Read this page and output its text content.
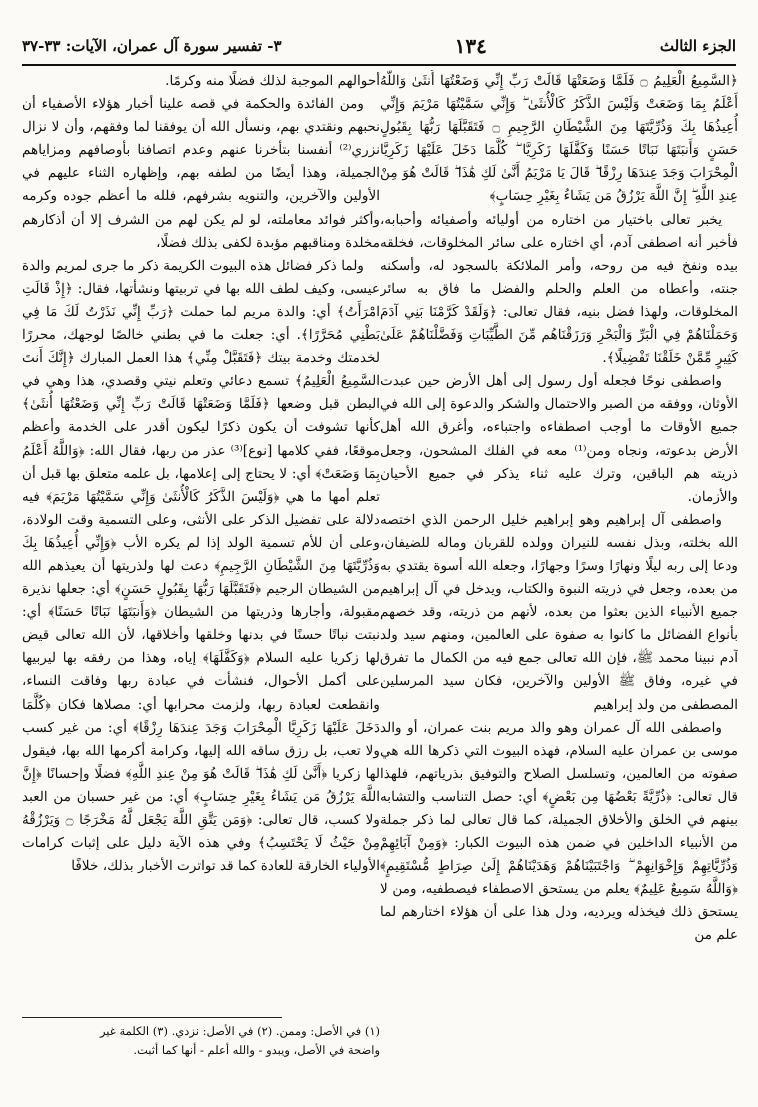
الجزء الثالث
١٣٤
٣- تفسير سورة آل عمران، الآيات: ٣٣-٣٧

﴿السَّمِيعُ الْعَلِيمُ ۝ فَلَمَّا وَضَعَتْهَا قَالَتْ رَبِّ إِنِّي وَضَعْتُهَا أُنثَىٰ وَاللَّهُ أَعْلَمُ بِمَا وَضَعَتْ وَلَيْسَ الذَّكَرُ كَالْأُنثَىٰ ۖ وَإِنِّي سَمَّيْتُهَا مَرْيَمَ وَإِنِّي أُعِيذُهَا بِكَ وَذُرِّيَّتَهَا مِنَ الشَّيْطَانِ الرَّجِيمِ ۝ فَتَقَبَّلَهَا رَبُّهَا بِقَبُولٍ حَسَنٍ وَأَنبَتَهَا نَبَاتًا حَسَنًا وَكَفَّلَهَا زَكَرِيَّا ۖ كُلَّمَا دَخَلَ عَلَيْهَا زَكَرِيَّا الْمِحْرَابَ وَجَدَ عِندَهَا رِزْقًا ۖ قَالَ يَا مَرْيَمُ أَنَّىٰ لَكِ هَٰذَا ۖ قَالَتْ هُوَ مِنْ عِندِ اللَّهِ ۖ إِنَّ اللَّهَ يَرْزُقُ مَن يَشَاءُ بِغَيْرِ حِسَابٍ﴾

يخبر تعالى باختيار من اختاره من أوليائه وأصفيائه وأحبابه، فأخبر أنه اصطفى آدم، أي اختاره على سائر المخلوقات، فخلقه بيده ونفخ فيه من روحه، وأمر الملائكة بالسجود له، وأسكنه جنته، وأعطاه من العلم والحلم والفضل ما فاق به سائر المخلوقات، ولهذا فضل بنيه، فقال تعالى: ﴿وَلَقَدْ كَرَّمْنَا بَنِي آدَمَ وَحَمَلْنَاهُمْ فِي الْبَرِّ وَالْبَحْرِ وَرَزَقْنَاهُم مِّنَ الطَّيِّبَاتِ وَفَضَّلْنَاهُمْ عَلَىٰ كَثِيرٍ مِّمَّنْ خَلَقْنَا تَفْضِيلًا﴾.

واصطفى نوحًا فجعله أول رسول إلى أهل الأرض حين عبدت الأوثان، ووفقه من الصبر والاحتمال والشكر والدعوة إلى الله في جميع الأوقات ما أوجب اصطفاءه واجتباءه، وأغرق الله أهل الأرض بدعوته، ونجاه ومن⁽¹⁾ معه في الفلك المشحون، وجعل ذريته هم الباقين، وترك عليه ثناء يذكر في جميع الأحيان والأزمان.

واصطفى آل إبراهيم وهو إبراهيم خليل الرحمن الذي اختصه الله بخلته، وبذل نفسه للنيران وولده للقربان وماله للضيفان، ودعا إلى ربه ليلًا ونهارًا وسرًا وجهارًا، وجعله الله أسوة يقتدي به من بعده، وجعل في ذريته النبوة والكتاب، ويدخل في آل إبراهيم جميع الأنبياء الذين بعثوا من بعده، لأنهم من ذريته، وقد خصهم بأنواع الفضائل ما كانوا به صفوة على العالمين، ومنهم سيد ولد آدم نبينا محمد ﷺ، فإن الله تعالى جمع فيه من الكمال ما تفرق في غيره، وفاق ﷺ الأولين والآخرين، فكان سيد المرسلين المصطفى من ولد إبراهيم

واصطفى الله آل عمران وهو والد مريم بنت عمران، أو والد موسى بن عمران عليه السلام، فهذه البيوت التي ذكرها الله هي صفوته من العالمين، وتسلسل الصلاح والتوفيق بذرياتهم، فلهذا قال تعالى: ﴿ذُرِّيَّةً بَعْضُهَا مِن بَعْضٍ﴾ أي: حصل التناسب والتشابه بينهم في الخلق والأخلاق الجميلة، كما قال تعالى لما ذكر جملة من الأنبياء الداخلين في ضمن هذه البيوت الكبار: ﴿وَمِنْ آبَائِهِمْ وَذُرِّيَّاتِهِمْ وَإِخْوَانِهِمْ ۖ وَاجْتَبَيْنَاهُمْ وَهَدَيْنَاهُمْ إِلَىٰ صِرَاطٍ مُّسْتَقِيمٍ﴾ ﴿وَاللَّهُ سَمِيعٌ عَلِيمٌ﴾ يعلم من يستحق الاصطفاء فيصطفيه، ومن لا يستحق ذلك فيخذله ويرديه، ودل هذا على أن هؤلاء اختارهم لما علم من

أحوالهم الموجبة لذلك فضلًا منه وكرمًا.

ومن الفائدة والحكمة في قصه علينا أخبار هؤلاء الأصفياء أن نحبهم ونقتدي بهم، ونسأل الله أن يوفقنا لما وفقهم، وأن لا نزال نزري⁽²⁾ أنفسنا بتأخرنا عنهم وعدم اتصافنا بأوصافهم ومزاياهم الجميلة، وهذا أيضًا من لطفه بهم، وإظهاره الثناء عليهم في الأولين والآخرين، والتنويه بشرفهم، فلله ما أعظم جوده وكرمه وأكثر فوائد معاملته، لو لم يكن لهم من الشرف إلا أن أذكارهم مخلدة ومناقبهم مؤبدة لكفى بذلك فضلًا،

ولما ذكر فضائل هذه البيوت الكريمة ذكر ما جرى لمريم والدة عيسى، وكيف لطف الله بها في تربيتها ونشأتها، فقال: ﴿إِذْ قَالَتِ امْرَأَتُ﴾ أي: والدة مريم لما حملت ﴿رَبِّ إِنِّي نَذَرْتُ لَكَ مَا فِي بَطْنِي مُحَرَّرًا﴾. أي: جعلت ما في بطني خالصًا لوجهك، محررًا لخدمتك وخدمة بيتك ﴿فَتَقَبَّلْ مِنِّي﴾ هذا العمل المبارك ﴿إِنَّكَ أَنتَ السَّمِيعُ الْعَلِيمُ﴾ تسمع دعائي وتعلم نيتي وقصدي، هذا وهي في البطن قبل وضعها ﴿فَلَمَّا وَضَعَتْهَا قَالَتْ رَبِّ إِنِّي وَضَعْتُهَا أُنثَىٰ﴾ كأنها تشوفت أن يكون ذكرًا ليكون أقدر على الخدمة وأعظم موقعًا، ففي كلامها [نوع]⁽³⁾ عذر من ربها، فقال الله: ﴿وَاللَّهُ أَعْلَمُ بِمَا وَضَعَتْ﴾ أي: لا يحتاج إلى إعلامها، بل علمه متعلق بها قبل أن تعلم أمها ما هي ﴿وَلَيْسَ الذَّكَرُ كَالْأُنثَىٰ وَإِنِّي سَمَّيْتُهَا مَرْيَمَ﴾ فيه دلالة على تفضيل الذكر على الأنثى، وعلى التسمية وقت الولادة، وعلى أن للأم تسمية الولد إذا لم يكره الأب ﴿وَإِنِّي أُعِيذُهَا بِكَ وَذُرِّيَّتَهَا مِنَ الشَّيْطَانِ الرَّجِيمِ﴾ دعت لها ولذريتها أن يعيذهم الله من الشيطان الرجيم ﴿فَتَقَبَّلَهَا رَبُّهَا بِقَبُولٍ حَسَنٍ﴾ أي: جعلها نذيرة مقبولة، وأجارها وذريتها من الشيطان ﴿وَأَنبَتَهَا نَبَاتًا حَسَنًا﴾ أي: نبتت نباتًا حسنًا في بدنها وخلقها وأخلاقها، لأن الله تعالى قيض لها زكريا عليه السلام ﴿وَكَفَّلَهَا﴾ إياه، وهذا من رفقه بها ليربيها على أكمل الأحوال، فنشأت في عبادة ربها وفاقت النساء، وانقطعت لعبادة ربها، ولزمت محرابها أي: مصلاها فكان ﴿كُلَّمَا دَخَلَ عَلَيْهَا زَكَرِيَّا الْمِحْرَابَ وَجَدَ عِندَهَا رِزْقًا﴾ أي: من غير كسب ولا تعب، بل رزق ساقه الله إليها، وكرامة أكرمها الله بها، فيقول لها زكريا ﴿أَنَّىٰ لَكِ هَٰذَا ۖ قَالَتْ هُوَ مِنْ عِندِ اللَّهِ﴾ فضلًا وإحسانًا ﴿إِنَّ اللَّهَ يَرْزُقُ مَن يَشَاءُ بِغَيْرِ حِسَابٍ﴾ أي: من غير حسبان من العبد ولا كسب، قال تعالى: ﴿وَمَن يَتَّقِ اللَّهَ يَجْعَل لَّهُ مَخْرَجًا ۝ وَيَرْزُقْهُ مِنْ حَيْثُ لَا يَحْتَسِبُ﴾ وفي هذه الآية دليل على إثبات كرامات الأولياء الخارقة للعادة كما قد تواترت الأخبار بذلك، خلافًا

(١) في الأصل: وممن. (٢) في الأصل: نزدي. (٣) الكلمة غير

واضحة في الأصل، ويبدو - والله أعلم - أنها كما أثبت.
